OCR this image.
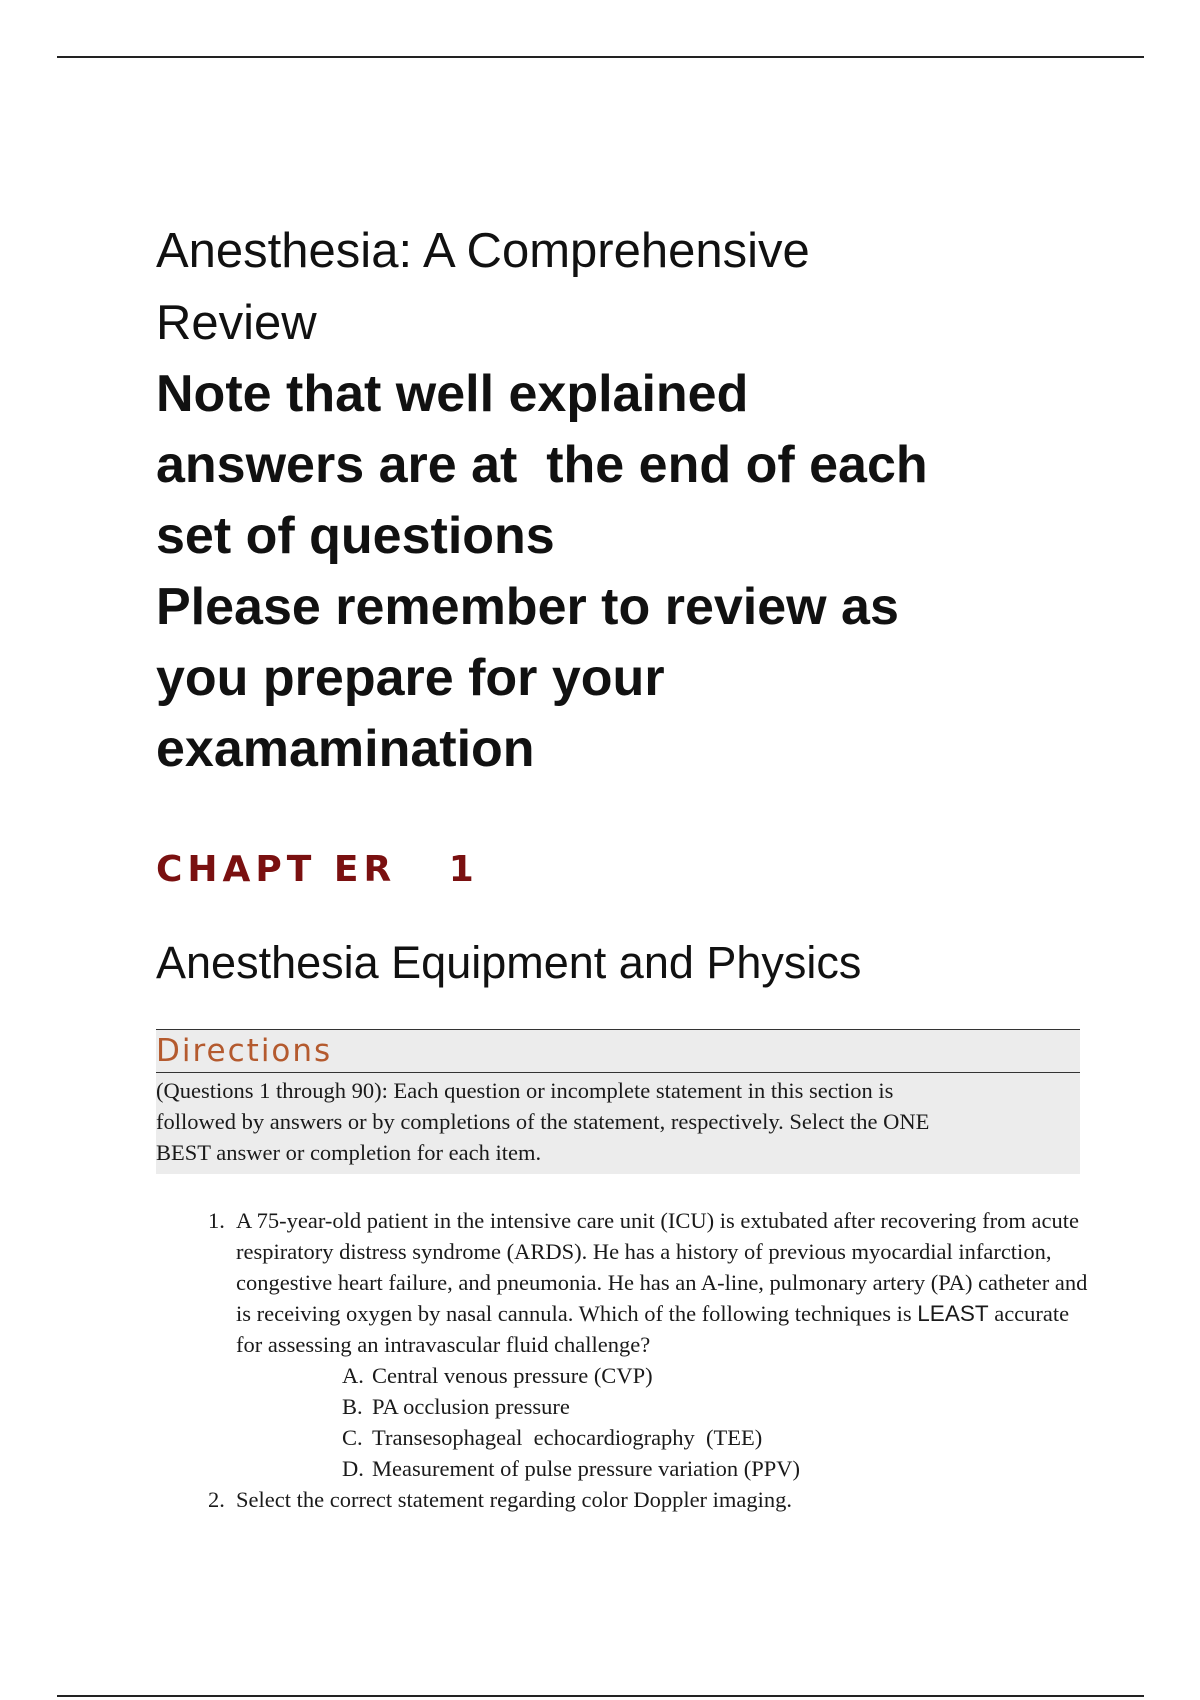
Anesthesia: A Comprehensive
Review
Note that well explained
answers are at  the end of each
set of questions
Please remember to review as
you prepare for your
examamination
CHAPT ER   1
Anesthesia Equipment and Physics
Directions
(Questions 1 through 90): Each question or incomplete statement in this section is
followed by answers or by completions of the statement, respectively. Select the ONE
BEST answer or completion for each item.
1. A 75-year-old patient in the intensive care unit (ICU) is extubated after recovering from acute respiratory distress syndrome (ARDS). He has a history of previous myocardial infarction, congestive heart failure, and pneumonia. He has an A-line, pulmonary artery (PA) catheter and is receiving oxygen by nasal cannula. Which of the following techniques is LEAST accurate for assessing an intravascular fluid challenge?
A. Central venous pressure (CVP)
B. PA occlusion pressure
C. Transesophageal  echocardiography  (TEE)
D. Measurement of pulse pressure variation (PPV)
2. Select the correct statement regarding color Doppler imaging.
